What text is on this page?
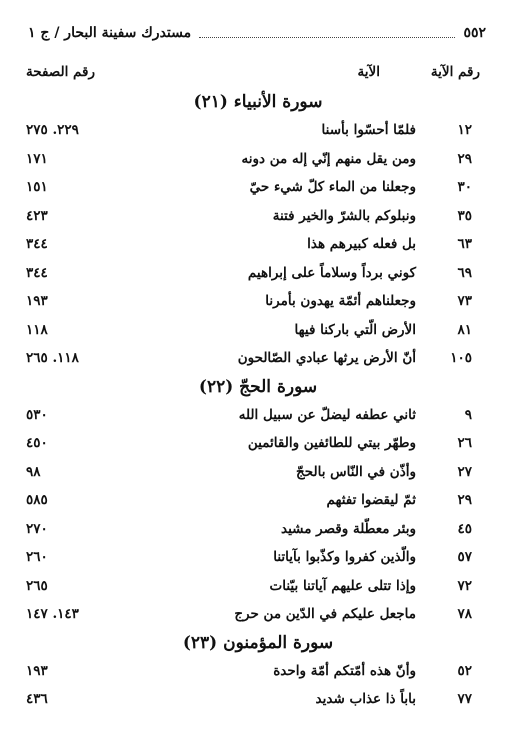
٥٥٢
مستدرك سفينة البحار / ج ١
رقم الآية
الآية
رقم الصفحة
سورة الأنبياء (٢١)
١٢
فلمّا أحسّوا بأسنا
٢٢٩. ٢٧٥
٢٩
ومن يقل منهم إنّي إله من دونه
١٧١
٣٠
وجعلنا من الماء كلّ شيء حيّ
١٥١
٣٥
ونبلوكم بالشرّ والخير فتنة
٤٢٣
٦٣
بل فعله كبيرهم هذا
٣٤٤
٦٩
كوني برداً وسلاماً على إبراهيم
٣٤٤
٧٣
وجعلناهم أئمّة يهدون بأمرنا
١٩٣
٨١
الأرض الّتي باركنا فيها
١١٨
١٠٥
أنّ الأرض يرثها عبادي الصّالحون
١١٨. ٢٦٥
سورة الحجّ (٢٢)
٩
ثاني عطفه ليضلّ عن سبيل الله
٥٣٠
٢٦
وطهّر بيتي للطائفين والقائمين
٤٥٠
٢٧
وأذّن في النّاس بالحجّ
٩٨
٢٩
ثمّ ليقضوا تفثهم
٥٨٥
٤٥
وبئر معطّلة وقصر مشيد
٢٧٠
٥٧
والّذين كفروا وكذّبوا بآياتنا
٢٦٠
٧٢
وإذا تتلى عليهم آياتنا بيّنات
٢٦٥
٧٨
ماجعل عليكم في الدّين من حرج
١٤٣. ١٤٧
سورة المؤمنون (٢٣)
٥٢
وأنّ هذه أمّتكم أمّة واحدة
١٩٣
٧٧
باباً ذا عذاب شديد
٤٣٦
